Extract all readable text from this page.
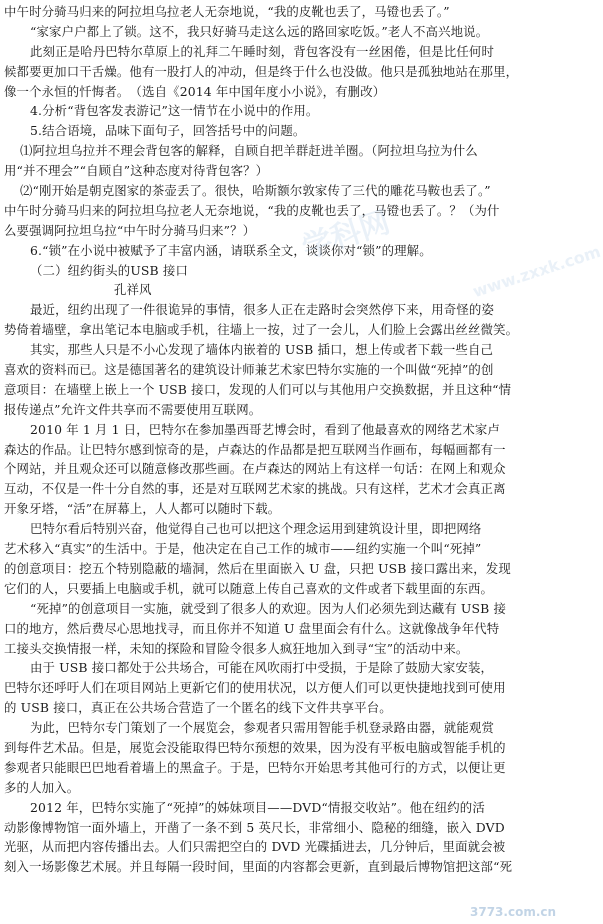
中午时分骑马归来的阿拉坦乌拉老人无奈地说，“我的皮靴也丢了，马镫也丢了。”
“家家户户都上了锁。这不，我只好骑马走这么远的路回家吃饭。”老人不高兴地说。
此刻正是哈丹巴特尔草原上的礼拜二午睡时刻，背包客没有一丝困倦，但是比任何时
候都要更加口干舌燥。他有一股打人的冲动，但是终于什么也没做。他只是孤独地站在那里，
像一个永恒的忏悔者。　（选自《2014 年中国年度小小说》，有删改）
4.分析“背包客发表游记”这一情节在小说中的作用。
5.结合语境，品味下面句子，回答括号中的问题。
⑴阿拉坦乌拉并不理会背包客的解释，自顾自把羊群赶进羊圈。（阿拉坦乌拉为什么
用“并不理会”“自顾自”这种态度对待背包客？）
⑵“刚开始是朝克图家的茶壶丢了。很快，哈斯额尔敦家传了三代的雕花马鞍也丢了。”
中午时分骑马归来的阿拉坦乌拉老人无奈地说，“我的皮靴也丢了，马镫也丢了。？（为什
么要强调阿拉坦乌拉“中午时分骑马归来”？）
6.“锁”在小说中被赋予了丰富内涵，请联系全文，谈谈你对“锁”的理解。
（二）纽约街头的USB 接口
孔祥风
最近，纽约出现了一件很诡异的事情，很多人正在走路时会突然停下来，用奇怪的姿
势倚着墙壁，拿出笔记本电脑或手机，往墙上一按，过了一会儿，人们脸上会露出丝丝微笑。
其实，那些人只是不小心发现了墙体内嵌着的 USB 插口，想上传或者下载一些自己
喜欢的资料而已。这是德国著名的建筑设计师兼艺术家巴特尔实施的一个叫做“死掉”的创
意项目：在墙壁上嵌上一个 USB 接口，发现的人们可以与其他用户交换数据，并且这种“情
报传递点”允许文件共享而不需要使用互联网。
2010 年 1 月 1 日，巴特尔在参加墨西哥艺博会时，看到了他最喜欢的网络艺术家卢
森达的作品。让巴特尔感到惊奇的是，卢森达的作品都是把互联网当作画布，每幅画都有一
个网站，并且观众还可以随意修改那些画。在卢森达的网站上有这样一句话：在网上和观众
互动，不仅是一件十分自然的事，还是对互联网艺术家的挑战。只有这样，艺术才会真正离
开象牙塔，“活”在屏幕上，人人都可以随时下载。
巴特尔看后特别兴奋，他觉得自己也可以把这个理念运用到建筑设计里，即把网络
艺术移入“真实”的生活中。于是，他决定在自己工作的城市——纽约实施一个叫“死掉”
的创意项目：挖五个特别隐蔽的墙洞，然后在里面嵌入 U 盘，只把 USB 接口露出来，发现
它们的人，只要插上电脑或手机，就可以随意上传自己喜欢的文件或者下载里面的东西。
“死掉”的创意项目一实施，就受到了很多人的欢迎。因为人们必须先到达藏有 USB 接
口的地方，然后费尽心思地找寻，而且你并不知道 U 盘里面会有什么。这就像战争年代特
工接头交换情报一样，未知的探险和冒险令很多人疯狂地加入到寻“宝”的活动中来。
由于 USB 接口都处于公共场合，可能在风吹雨打中受损，于是除了鼓励大家安装，
巴特尔还呼吁人们在项目网站上更新它们的使用状况，以方便人们可以更快捷地找到可使用
的 USB 接口，真正在公共场合营造了一个匿名的线下文件共享平台。
为此，巴特尔专门策划了一个展览会，参观者只需用智能手机登录路由器，就能观赏
到每件艺术品。但是，展览会没能取得巴特尔预想的效果，因为没有平板电脑或智能手机的
参观者只能眼巴巴地看着墙上的黑盒子。于是，巴特尔开始思考其他可行的方式，以便让更
多的人加入。
2012 年，巴特尔实施了“死掉”的姊妹项目——DVD“情报交收站”。他在纽约的活
动影像博物馆一面外墙上，开凿了一条不到 5 英尺长，非常细小、隐秘的细缝，嵌入 DVD
光驱，从而把内容传播出去。人们只需把空白的 DVD 光碟插进去，几分钟后，里面就会被
刻入一场影像艺术展。并且每隔一段时间，里面的内容都会更新，直到最后博物馆把这部“死
学科网
www.zxxk.com
3773.com.cn
